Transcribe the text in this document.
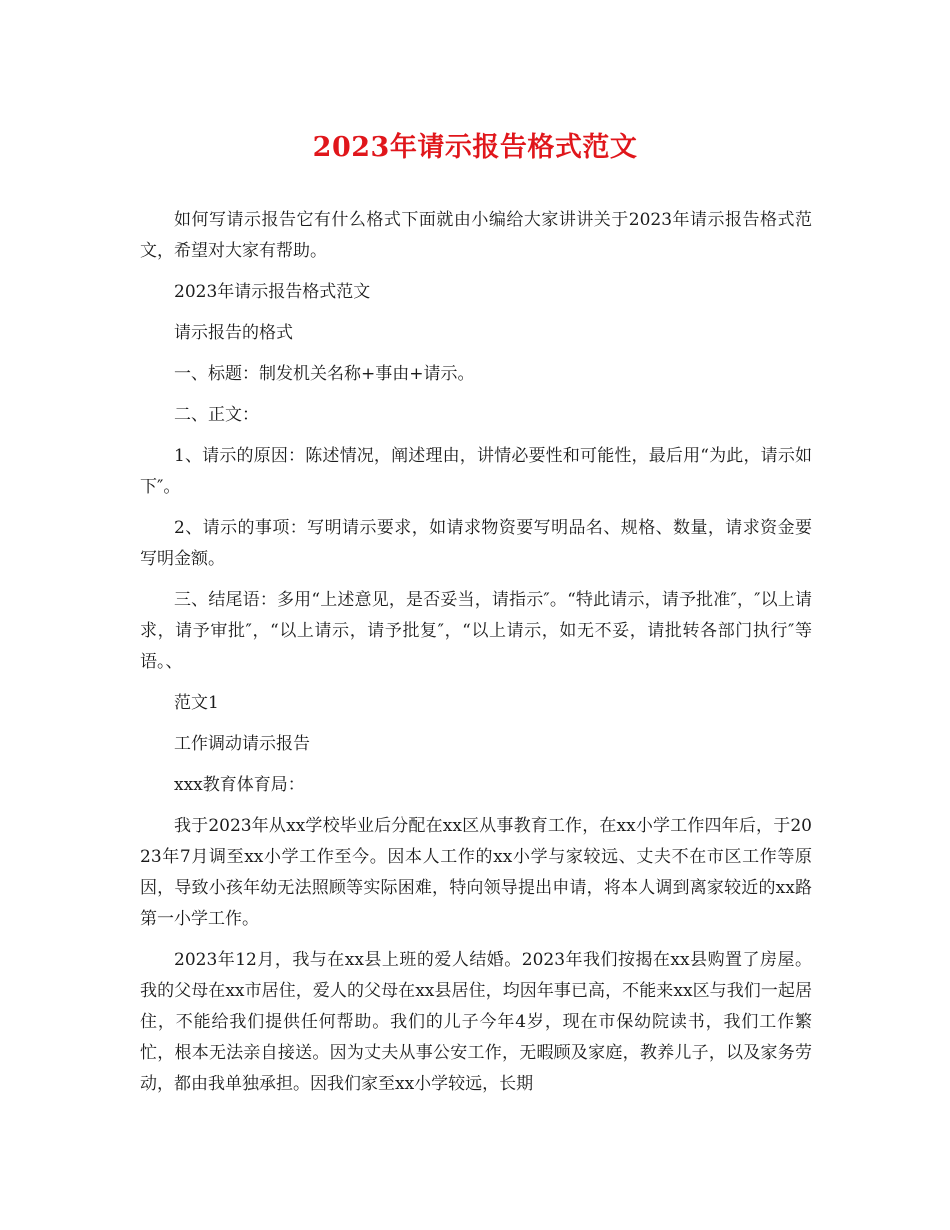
2023年请示报告格式范文

如何写请示报告它有什么格式下面就由小编给大家讲讲关于2023年请示报告格式范文，希望对大家有帮助。

2023年请示报告格式范文

请示报告的格式

一、标题：制发机关名称+事由+请示。

二、正文：

1、请示的原因：陈述情况，阐述理由，讲情必要性和可能性，最后用“为此，请示如下″。

2、请示的事项：写明请示要求，如请求物资要写明品名、规格、数量，请求资金要写明金额。

三、结尾语：多用“上述意见，是否妥当，请指示″。“特此请示，请予批准″，″以上请求，请予审批″，“以上请示，请予批复″，“以上请示，如无不妥，请批转各部门执行″等语。、

范文1

工作调动请示报告

xxx教育体育局：

我于2023年从xx学校毕业后分配在xx区从事教育工作，在xx小学工作四年后，于2023年7月调至xx小学工作至今。因本人工作的xx小学与家较远、丈夫不在市区工作等原因，导致小孩年幼无法照顾等实际困难，特向领导提出申请，将本人调到离家较近的xx路第一小学工作。

2023年12月，我与在xx县上班的爱人结婚。2023年我们按揭在xx县购置了房屋。我的父母在xx市居住，爱人的父母在xx县居住，均因年事已高，不能来xx区与我们一起居住，不能给我们提供任何帮助。我们的儿子今年4岁，现在市保幼院读书，我们工作繁忙，根本无法亲自接送。因为丈夫从事公安工作，无暇顾及家庭，教养儿子，以及家务劳动，都由我单独承担。因我们家至xx小学较远，长期
